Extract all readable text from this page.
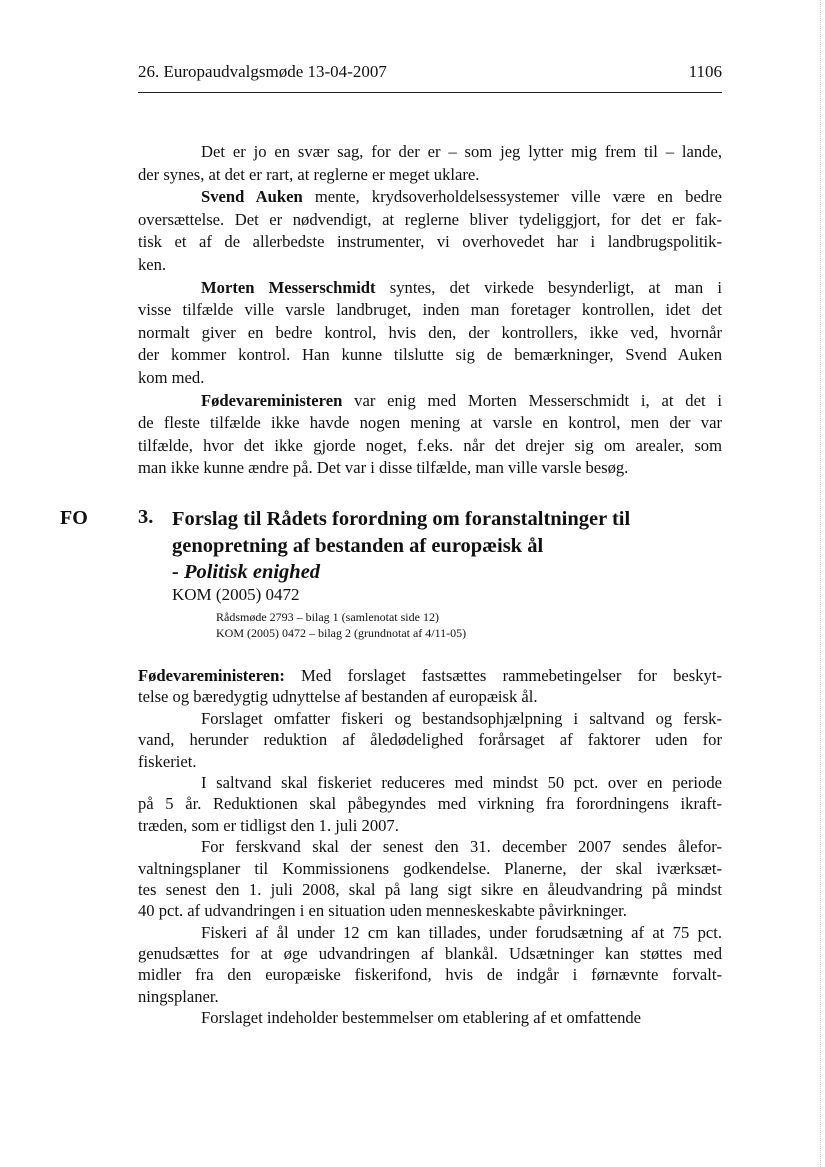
26. Europaudvalgsmøde 13-04-2007	1106
Det er jo en svær sag, for der er – som jeg lytter mig frem til – lande,
der synes, at det er rart, at reglerne er meget uklare.
Svend Auken mente, krydsoverholdelsessystemer ville være en bedre
oversættelse. Det er nødvendigt, at reglerne bliver tydeliggjort, for det er fak-
tisk et af de allerbedste instrumenter, vi overhovedet har i landbrugspolitik-
ken.
Morten Messerschmidt syntes, det virkede besynderligt, at man i
visse tilfælde ville varsle landbruget, inden man foretager kontrollen, idet det
normalt giver en bedre kontrol, hvis den, der kontrollers, ikke ved, hvornår
der kommer kontrol. Han kunne tilslutte sig de bemærkninger, Svend Auken
kom med.
Fødevareministeren var enig med Morten Messerschmidt i, at det i
de fleste tilfælde ikke havde nogen mening at varsle en kontrol, men der var
tilfælde, hvor det ikke gjorde noget, f.eks. når det drejer sig om arealer, som
man ikke kunne ændre på. Det var i disse tilfælde, man ville varsle besøg.
FO 3. Forslag til Rådets forordning om foranstaltninger til
genopretning af bestanden af europæisk ål
- Politisk enighed
KOM (2005) 0472
Rådsmøde 2793 – bilag 1 (samlenotat side 12)
KOM (2005) 0472 – bilag 2 (grundnotat af 4/11-05)
Fødevareministeren: Med forslaget fastsættes rammebetingelser for beskyt-
telse og bæredygtig udnyttelse af bestanden af europæisk ål.
Forslaget omfatter fiskeri og bestandsophjælpning i saltvand og fersk-
vand, herunder reduktion af åledødelighed forårsaget af faktorer uden for
fiskeriet.
I saltvand skal fiskeriet reduceres med mindst 50 pct. over en periode
på 5 år. Reduktionen skal påbegyndes med virkning fra forordningens ikraft-
træden, som er tidligst den 1. juli 2007.
For ferskvand skal der senest den 31. december 2007 sendes ålefor-
valtningsplaner til Kommissionens godkendelse. Planerne, der skal iværksæt-
tes senest den 1. juli 2008, skal på lang sigt sikre en åleudvandring på mindst
40 pct. af udvandringen i en situation uden menneskeskabte påvirkninger.
Fiskeri af ål under 12 cm kan tillades, under forudsætning af at 75 pct.
genudsættes for at øge udvandringen af blankål. Udsætninger kan støttes med
midler fra den europæiske fiskerifond, hvis de indgår i førnævnte forvalt-
ningsplaner.
Forslaget indeholder bestemmelser om etablering af et omfattende
